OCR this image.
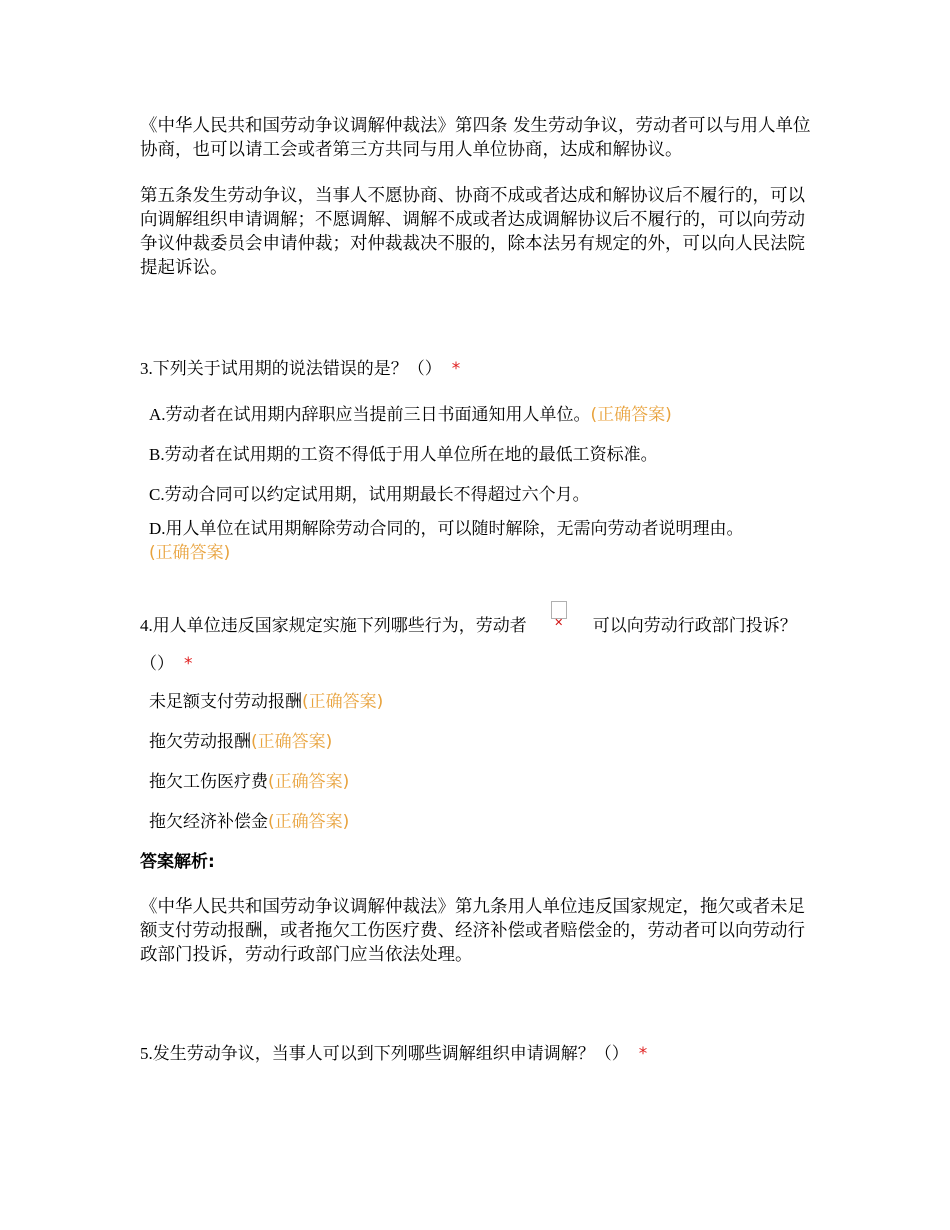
《中华人民共和国劳动争议调解仲裁法》第四条 发生劳动争议，劳动者可以与用人单位协商，也可以请工会或者第三方共同与用人单位协商，达成和解协议。

第五条发生劳动争议，当事人不愿协商、协商不成或者达成和解协议后不履行的，可以向调解组织申请调解；不愿调解、调解不成或者达成调解协议后不履行的，可以向劳动争议仲裁委员会申请仲裁；对仲裁裁决不服的，除本法另有规定的外，可以向人民法院提起诉讼。

3.下列关于试用期的说法错误的是？（） *

A.劳动者在试用期内辞职应当提前三日书面通知用人单位。(正确答案)

B.劳动者在试用期的工资不得低于用人单位所在地的最低工资标准。

C.劳动合同可以约定试用期，试用期最长不得超过六个月。

D.用人单位在试用期解除劳动合同的，可以随时解除，无需向劳动者说明理由。
(正确答案)

4.用人单位违反国家规定实施下列哪些行为，劳动者 ✕ 可以向劳动行政部门投诉？（） *

未足额支付劳动报酬(正确答案)

拖欠劳动报酬(正确答案)

拖欠工伤医疗费(正确答案)

拖欠经济补偿金(正确答案)

答案解析:

《中华人民共和国劳动争议调解仲裁法》第九条用人单位违反国家规定，拖欠或者未足额支付劳动报酬，或者拖欠工伤医疗费、经济补偿或者赔偿金的，劳动者可以向劳动行政部门投诉，劳动行政部门应当依法处理。

5.发生劳动争议，当事人可以到下列哪些调解组织申请调解？（） *
